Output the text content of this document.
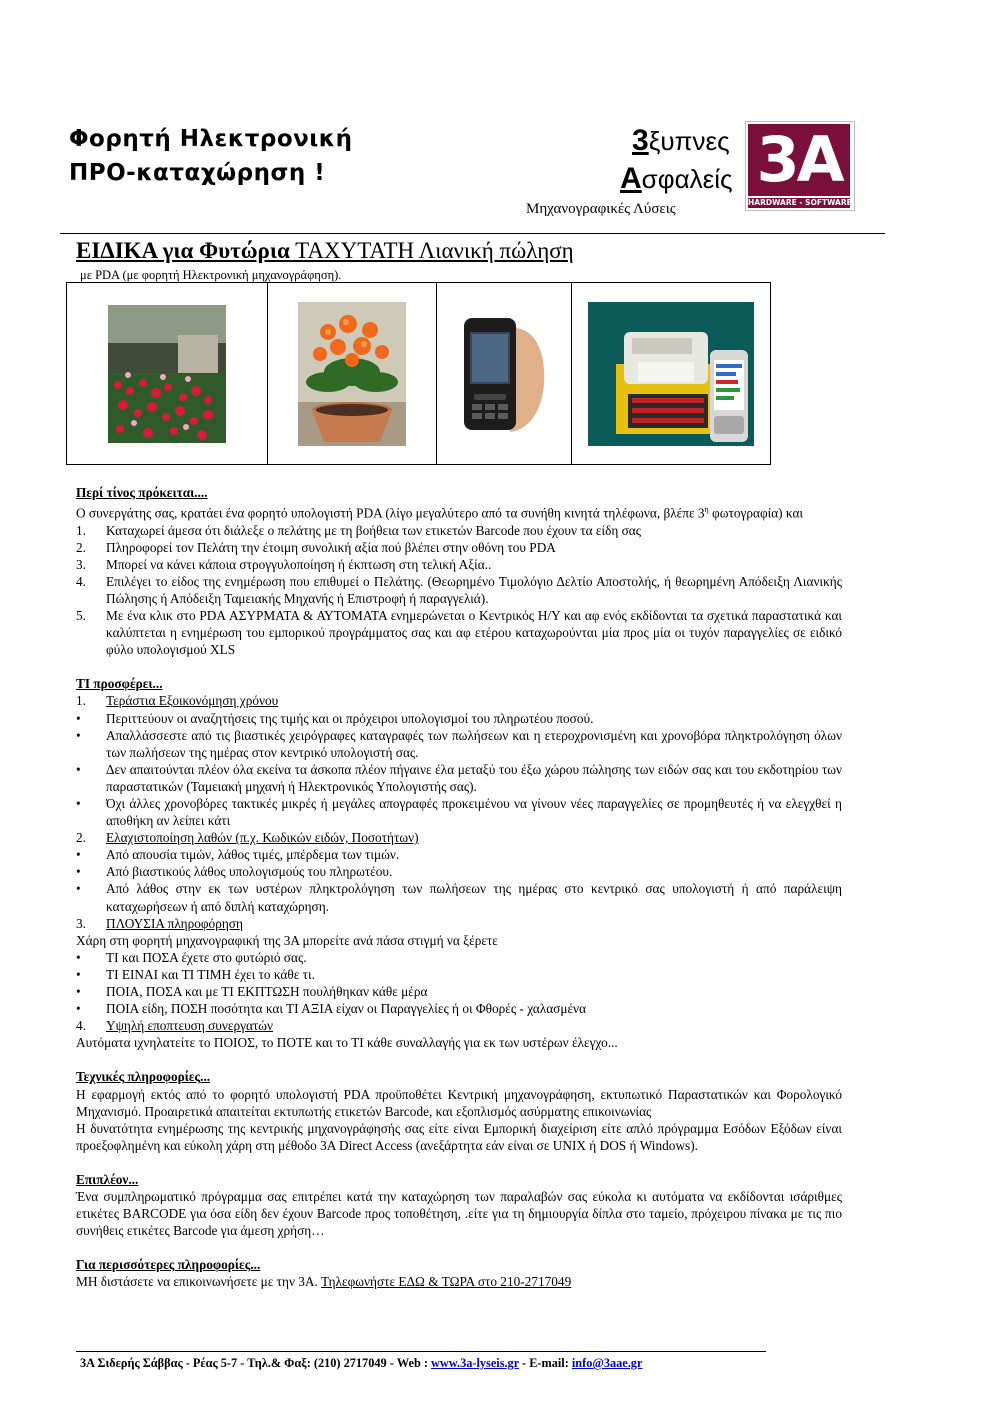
Φορητή Ηλεκτρονική
ΠΡΟ-καταχώρηση !
3ξυπνες
Ασφαλείς
Μηχανογραφικές Λύσεις
3A
HARDWARE - SOFTWARE
ΕΙΔΙΚΑ για Φυτώρια ΤΑΧΥΤΑΤΗ Λιανική πώληση
με PDA (με φορητή Ηλεκτρονική μηχανογράφηση).

Περί τίνος πρόκειται....

Ο συνεργάτης σας, κρατάει ένα φορητό υπολογιστή PDA (λίγο μεγαλύτερο από τα συνήθη κινητά τηλέφωνα, βλέπε $3^\eta$ φωτογραφία) και

1. Καταχωρεί άμεσα ότι διάλεξε ο πελάτης με τη βοήθεια των ετικετών Barcode που έχουν τα είδη σας
2. Πληροφορεί τον Πελάτη την έτοιμη συνολική αξία πού βλέπει στην οθόνη του PDA
3. Μπορεί να κάνει κάποια στρογγυλοποίηση ή έκπτωση στη τελική Αξία..
4. Επιλέγει το είδος της ενημέρωση που επιθυμεί ο Πελάτης. (Θεωρημένο Τιμολόγιο Δελτίο Αποστολής, ή θεωρημένη Απόδειξη Λιανικής Πώλησης ή Απόδειξη Ταμειακής Μηχανής ή Επιστροφή ή παραγγελιά).
5. Με ένα κλικ στο PDA ΑΣΥΡΜΑΤΑ & ΑΥΤΟΜΑΤΑ ενημερώνεται ο Κεντρικός Η/Υ και αφ ενός εκδίδονται τα σχετικά παραστατικά και καλύπτεται η ενημέρωση του εμπορικού προγράμματος σας και αφ ετέρου καταχωρούνται μία προς μία οι τυχόν παραγγελίες σε ειδικό φύλο υπολογισμού XLS

ΤΙ προσφέρει...

1. Τεράστια Εξοικονόμηση χρόνου
• Περιττεύουν οι αναζητήσεις της τιμής και οι πρόχειροι υπολογισμοί του πληρωτέου ποσού.
• Απαλλάσσεστε από τις βιαστικές χειρόγραφες καταγραφές των πωλήσεων και η ετεροχρονισμένη και χρονοβόρα πληκτρολόγηση όλων των πωλήσεων της ημέρας στον κεντρικό υπολογιστή σας.
• Δεν απαιτούνται πλέον όλα εκείνα τα άσκοπα πλέον πήγαινε έλα μεταξύ του έξω χώρου πώλησης των ειδών σας και του εκδοτηρίου των παραστατικών (Ταμειακή μηχανή ή Ηλεκτρονικός Υπολογιστής σας).
• Όχι άλλες χρονοβόρες τακτικές μικρές ή μεγάλες απογραφές προκειμένου να γίνουν νέες παραγγελίες σε προμηθευτές ή να ελεγχθεί η αποθήκη αν λείπει κάτι
2. Ελαχιστοποίηση λαθών (π.χ. Κωδικών ειδών, Ποσοτήτων)
• Από απουσία τιμών, λάθος τιμές, μπέρδεμα των τιμών.
• Από βιαστικούς λάθος υπολογισμούς του πληρωτέου.
• Από λάθος στην εκ των υστέρων πληκτρολόγηση των πωλήσεων της ημέρας στο κεντρικό σας υπολογιστή ή από παράλειψη καταχωρήσεων ή από διπλή καταχώρηση.
3. ΠΛΟΥΣΙΑ πληροφόρηση

Χάρη στη φορητή μηχανογραφική της 3Α μπορείτε ανά πάσα στιγμή να ξέρετε

• ΤΙ και ΠΟΣΑ έχετε στο φυτώριό σας.
• ΤΙ ΕΙΝΑΙ και ΤΙ ΤΙΜΗ έχει το κάθε τι.
• ΠΟΙΑ, ΠΟΣΑ και με ΤΙ ΕΚΠΤΩΣΗ πουλήθηκαν κάθε μέρα
• ΠΟΙΑ είδη, ΠΟΣΗ ποσότητα και ΤΙ ΑΞΙΑ είχαν οι Παραγγελίες ή οι Φθορές - χαλασμένα
4. Υψηλή εποπτευση συνεργατών

Αυτόματα ιχνηλατείτε το ΠΟΙΟΣ, το ΠΟΤΕ και το ΤΙ κάθε συναλλαγής για εκ των υστέρων έλεγχο...

Τεχνικές πληροφορίες...

Η εφαρμογή εκτός από το φορητό υπολογιστή PDA προϋποθέτει Κεντρική μηχανογράφηση, εκτυπωτικό Παραστατικών και Φορολογικό Μηχανισμό. Προαιρετικά απαιτείται εκτυπωτής ετικετών Barcode, και εξοπλισμός ασύρματης επικοινωνίας

Η δυνατότητα ενημέρωσης της κεντρικής μηχανογράφησής σας είτε είναι Εμπορική διαχείριση είτε απλό πρόγραμμα Εσόδων Εξόδων είναι προεξοφλημένη και εύκολη χάρη στη μέθοδο 3Α Direct Access (ανεξάρτητα εάν είναι σε UNIX ή DOS ή Windows).

Επιπλέον...

Ένα συμπληρωματικό πρόγραμμα σας επιτρέπει κατά την καταχώρηση των παραλαβών σας εύκολα κι αυτόματα να εκδίδονται ισάριθμες ετικέτες BARCODE για όσα είδη δεν έχουν Barcode προς τοποθέτηση, .είτε για τη δημιουργία δίπλα στο ταμείο, πρόχειρου πίνακα με τις πιο συνήθεις ετικέτες Barcode για άμεση χρήση…

Για περισσότερες πληροφορίες...

ΜΗ διστάσετε να επικοινωνήσετε με την 3Α. Τηλεφωνήστε ΕΔΩ & ΤΩΡΑ στο 210-2717049

3Α Σιδερής Σάββας - Ρέας 5-7 - Τηλ.& Φαξ: (210) 2717049 - Web : www.3a-lyseis.gr - E-mail: info@3aae.gr
